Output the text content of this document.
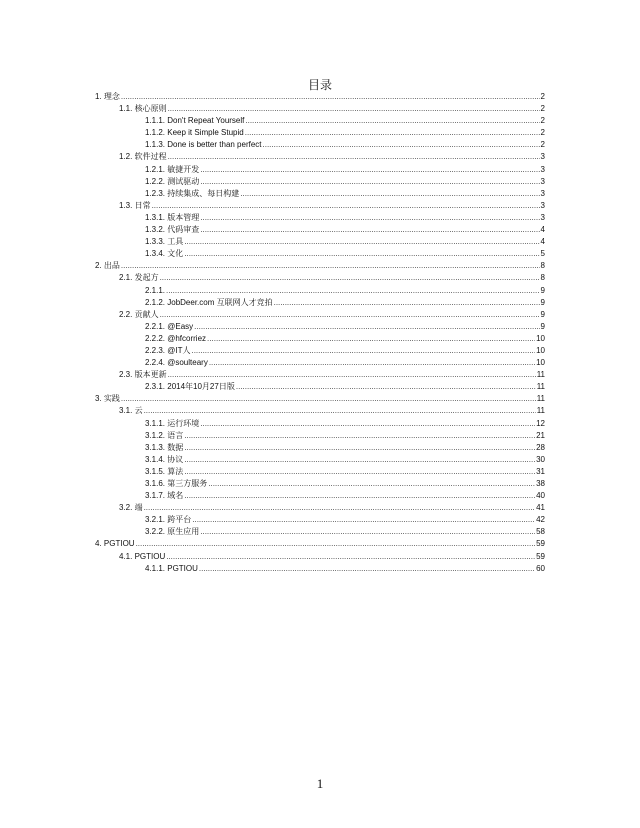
目录
1. 理念 .....	2
1.1. 核心原则 .....	2
1.1.1. Don't Repeat Yourself .....	2
1.1.2. Keep it Simple Stupid .....	2
1.1.3. Done is better than perfect .....	2
1.2. 软件过程 .....	3
1.2.1. 敏捷开发 .....	3
1.2.2. 测试驱动 .....	3
1.2.3. 持续集成、每日构建 .....	3
1.3. 日常 .....	3
1.3.1. 版本管理 .....	3
1.3.2. 代码审查 .....	4
1.3.3. 工具 .....	4
1.3.4. 文化 .....	5
2. 出品 .....	8
2.1. 发起方 .....	8
2.1.1. .....	9
2.1.2. JobDeer.com 互联网人才竞拍 .....	9
2.2. 贡献人 .....	9
2.2.1. @Easy .....	9
2.2.2. @hfcorriez .....	10
2.2.3. @IT人 .....	10
2.2.4. @soulteary .....	10
2.3. 版本更新 .....	11
2.3.1. 2014年10月27日版 .....	11
3. 实践 .....	11
3.1. 云 .....	11
3.1.1. 运行环境 .....	12
3.1.2. 语言 .....	21
3.1.3. 数据 .....	28
3.1.4. 协议 .....	30
3.1.5. 算法 .....	31
3.1.6. 第三方服务 .....	38
3.1.7. 域名 .....	40
3.2. 端 .....	41
3.2.1. 跨平台 .....	42
3.2.2. 原生应用 .....	58
4. PGTIOU .....	59
4.1. PGTIOU .....	59
4.1.1. PGTIOU .....	60
1
